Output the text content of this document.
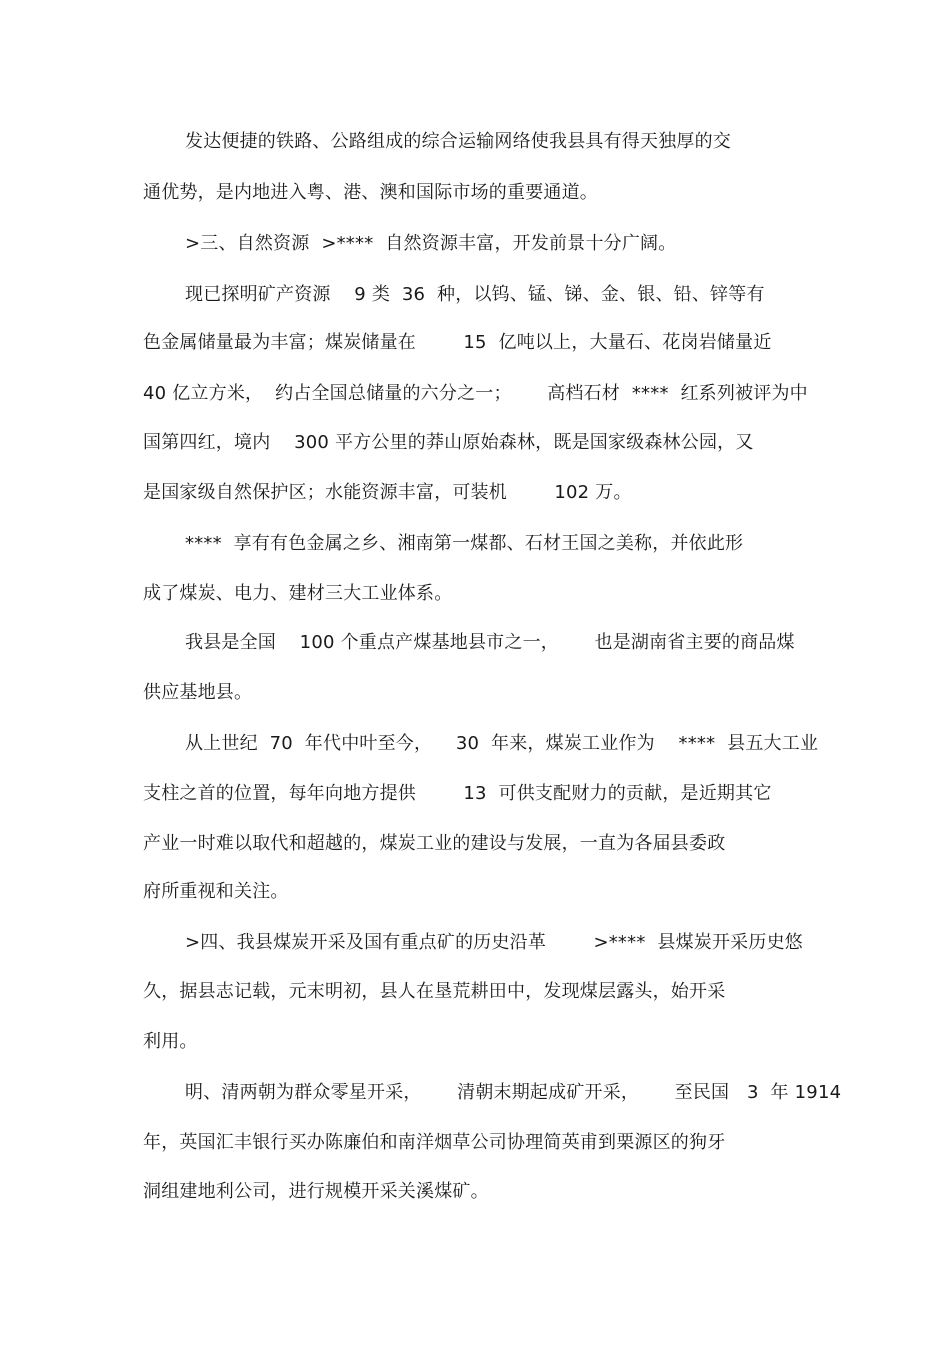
发达便捷的铁路、公路组成的综合运输网络使我县具有得天独厚的交
通优势，是内地进入粤、港、澳和国际市场的重要通道。
>三、自然资源  >****  自然资源丰富，开发前景十分广阔。
现已探明矿产资源    9 类  36  种，以钨、锰、锑、金、银、铅、锌等有
色金属储量最为丰富；煤炭储量在        15  亿吨以上，大量石、花岗岩储量近
40 亿立方米，  约占全国总储量的六分之一；      高档石材  ****  红系列被评为中
国第四红，境内    300 平方公里的莽山原始森林，既是国家级森林公园，又
是国家级自然保护区；水能资源丰富，可装机        102 万。
****  享有有色金属之乡、湘南第一煤都、石材王国之美称，并依此形
成了煤炭、电力、建材三大工业体系。
我县是全国    100 个重点产煤基地县市之一，      也是湖南省主要的商品煤
供应基地县。
从上世纪  70  年代中叶至今，    30  年来，煤炭工业作为    ****  县五大工业
支柱之首的位置，每年向地方提供        13  可供支配财力的贡献，是近期其它
产业一时难以取代和超越的，煤炭工业的建设与发展，一直为各届县委政
府所重视和关注。
>四、我县煤炭开采及国有重点矿的历史沿革        >****  县煤炭开采历史悠
久，据县志记载，元末明初，县人在垦荒耕田中，发现煤层露头，始开采
利用。
明、清两朝为群众零星开采，      清朝末期起成矿开采，      至民国   3  年 1914
年，英国汇丰银行买办陈廉伯和南洋烟草公司协理简英甫到栗源区的狗牙
洞组建地利公司，进行规模开采关溪煤矿。
